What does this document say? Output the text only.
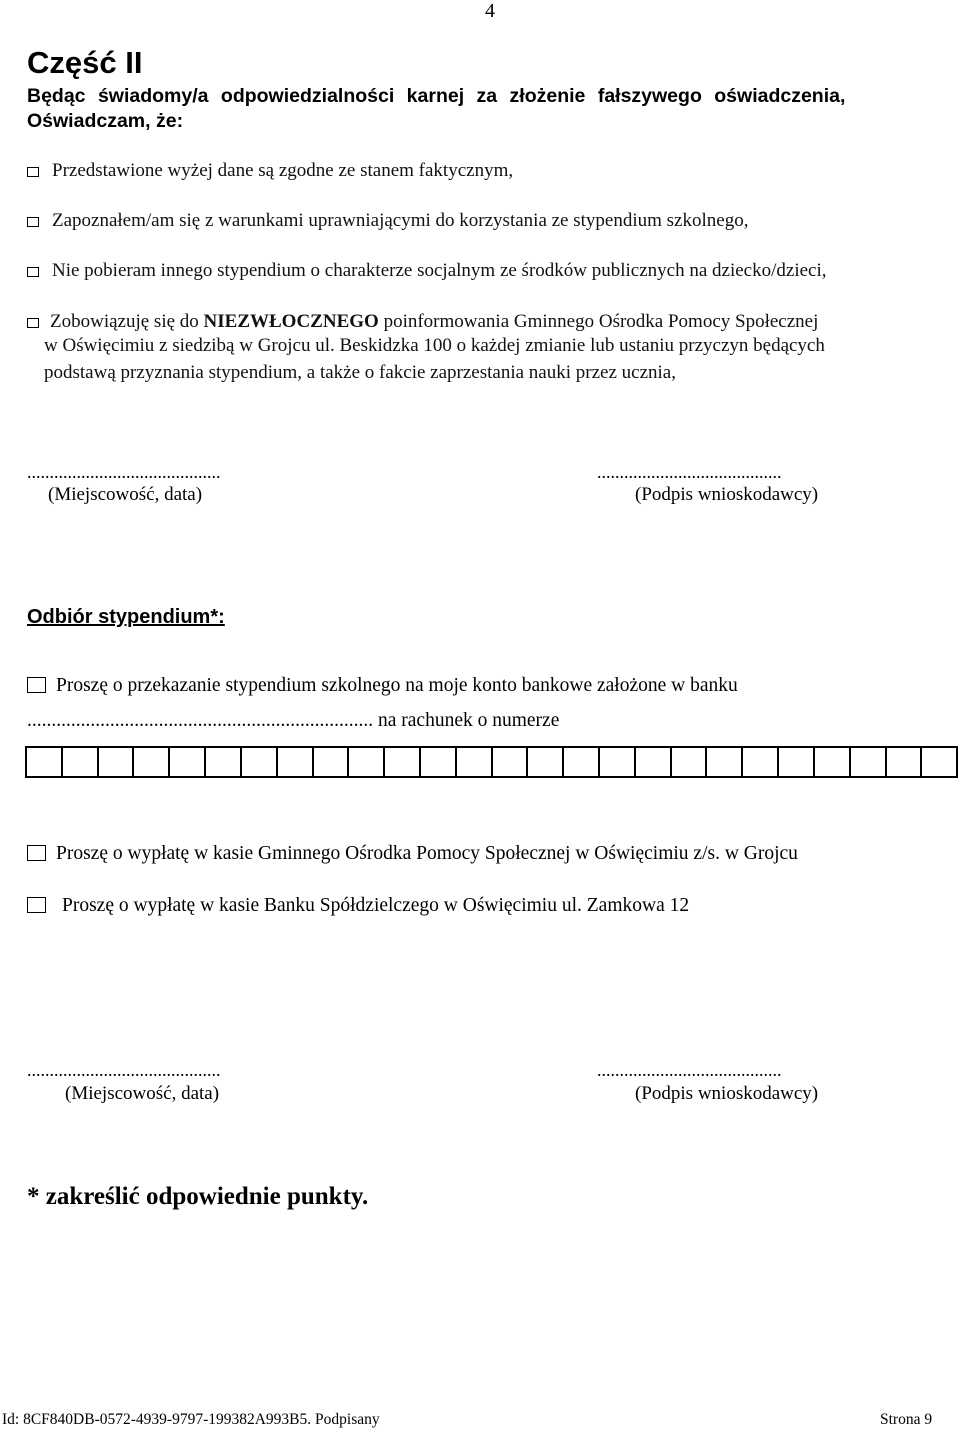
4
Część II
Będąc świadomy/a odpowiedzialności karnej za złożenie fałszywego oświadczenia,
Oświadczam, że:
Przedstawione wyżej dane są zgodne ze stanem faktycznym,
Zapoznałem/am się z warunkami uprawniającymi do korzystania ze stypendium szkolnego,
Nie pobieram innego stypendium o charakterze socjalnym ze środków publicznych na dziecko/dzieci,
Zobowiązuję się do NIEZWŁOCZNEGO poinformowania Gminnego Ośrodka Pomocy Społecznej
w Oświęcimiu z siedzibą w Grojcu ul. Beskidzka 100 o każdej zmianie lub ustaniu przyczyn będących
podstawą przyznania stypendium, a także o fakcie zaprzestania nauki przez ucznia,
...........................................
(Miejscowość, data)
.........................................
(Podpis wnioskodawcy)
Odbiór stypendium*:
Proszę o przekazanie stypendium szkolnego na moje konto bankowe założone w banku
....................................................................... na rachunek o numerze
Proszę o wypłatę w kasie Gminnego Ośrodka Pomocy Społecznej w Oświęcimiu z/s. w Grojcu
Proszę o wypłatę w kasie Banku Spółdzielczego w Oświęcimiu ul. Zamkowa 12
...........................................
(Miejscowość, data)
.........................................
(Podpis wnioskodawcy)
* zakreślić odpowiednie punkty.
Id: 8CF840DB-0572-4939-9797-199382A993B5. Podpisany	Strona 9
